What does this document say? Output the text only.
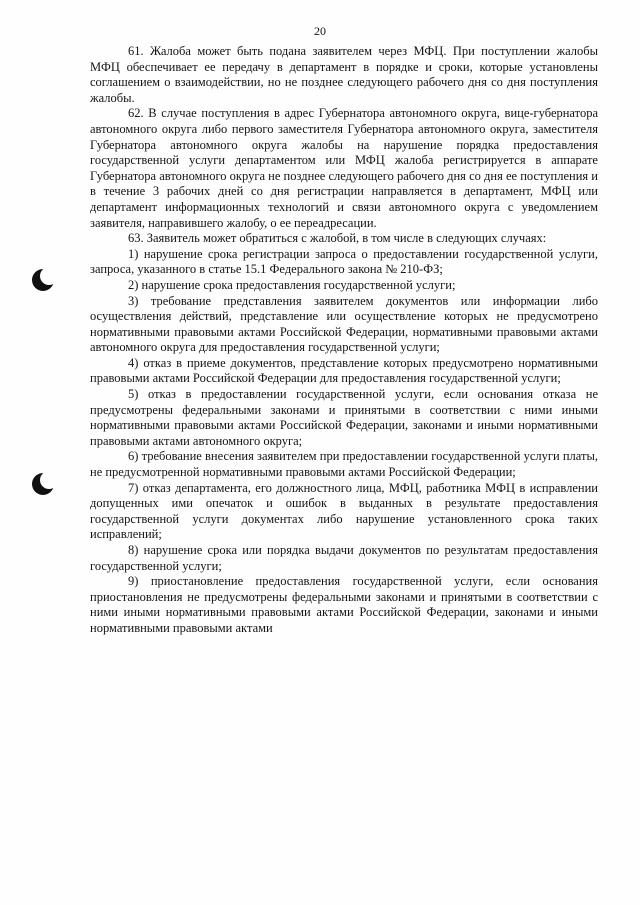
20

61. Жалоба может быть подана заявителем через МФЦ. При поступлении жалобы МФЦ обеспечивает ее передачу в департамент в порядке и сроки, которые установлены соглашением о взаимодействии, но не позднее следующего рабочего дня со дня поступления жалобы.

62. В случае поступления в адрес Губернатора автономного округа, вице-губернатора автономного округа либо первого заместителя Губернатора автономного округа, заместителя Губернатора автономного округа жалобы на нарушение порядка предоставления государственной услуги департаментом или МФЦ жалоба регистрируется в аппарате Губернатора автономного округа не позднее следующего рабочего дня со дня ее поступления и в течение 3 рабочих дней со дня регистрации направляется в департамент, МФЦ или департамент информационных технологий и связи автономного округа с уведомлением заявителя, направившего жалобу, о ее переадресации.

63. Заявитель может обратиться с жалобой, в том числе в следующих случаях:

1) нарушение срока регистрации запроса о предоставлении государственной услуги, запроса, указанного в статье 15.1 Федерального закона № 210-ФЗ;

2) нарушение срока предоставления государственной услуги;

3) требование представления заявителем документов или информации либо осуществления действий, представление или осуществление которых не предусмотрено нормативными правовыми актами Российской Федерации, нормативными правовыми актами автономного округа для предоставления государственной услуги;

4) отказ в приеме документов, представление которых предусмотрено нормативными правовыми актами Российской Федерации для предоставления государственной услуги;

5) отказ в предоставлении государственной услуги, если основания отказа не предусмотрены федеральными законами и принятыми в соответствии с ними иными нормативными правовыми актами Российской Федерации, законами и иными нормативными правовыми актами автономного округа;

6) требование внесения заявителем при предоставлении государственной услуги платы, не предусмотренной нормативными правовыми актами Российской Федерации;

7) отказ департамента, его должностного лица, МФЦ, работника МФЦ в исправлении допущенных ими опечаток и ошибок в выданных в результате предоставления государственной услуги документах либо нарушение установленного срока таких исправлений;

8) нарушение срока или порядка выдачи документов по результатам предоставления государственной услуги;

9) приостановление предоставления государственной услуги, если основания приостановления не предусмотрены федеральными законами и принятыми в соответствии с ними иными нормативными правовыми актами Российской Федерации, законами и иными нормативными правовыми актами
